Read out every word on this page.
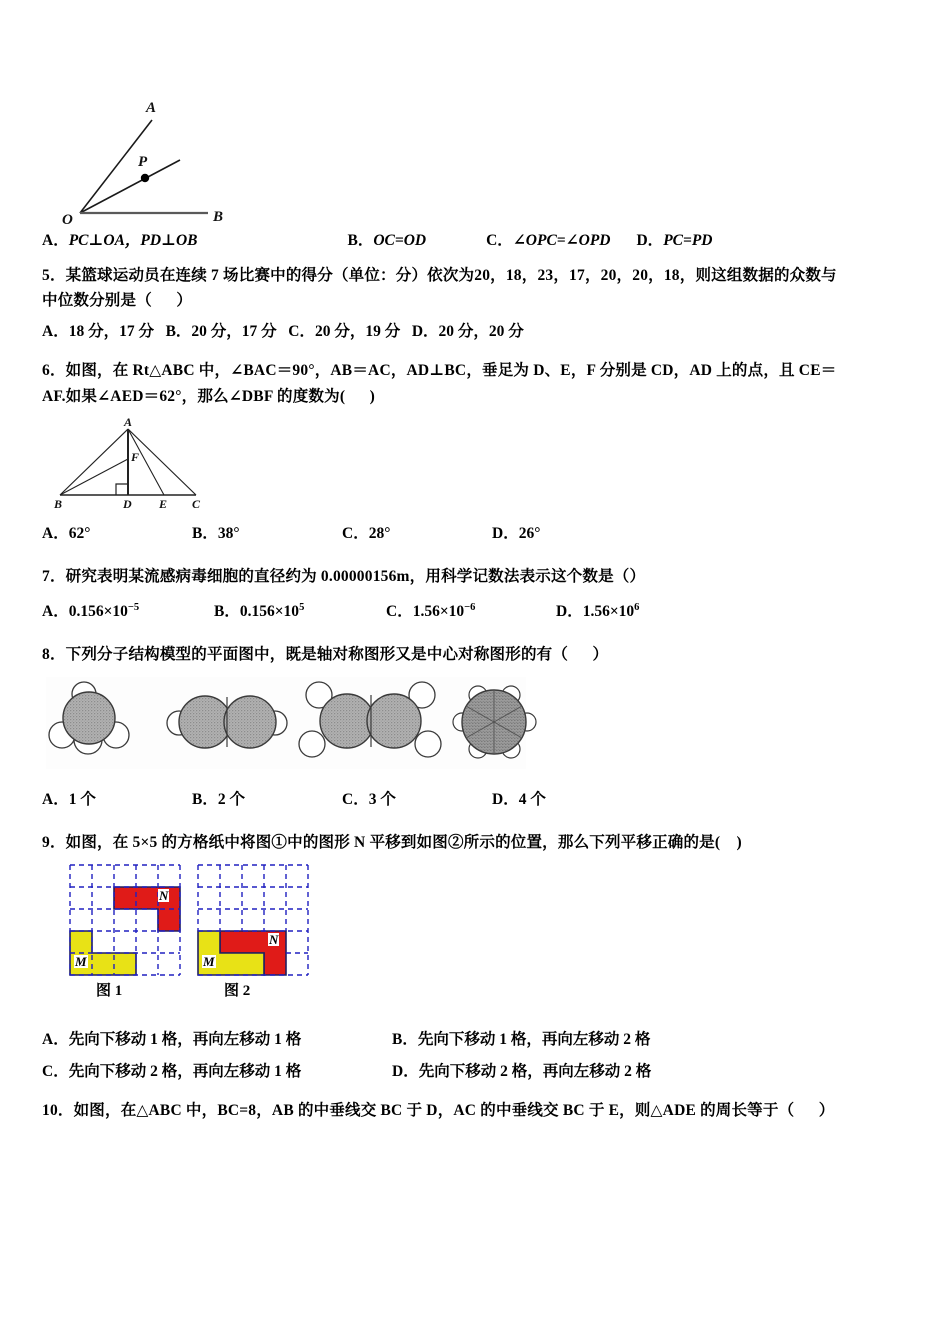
A
P
O	B
A．PC⊥OA，PD⊥OB	B．OC=OD	C．∠OPC=∠OPD D．PC=PD

5．某篮球运动员在连续 7 场比赛中的得分（单位：分）依次为20，18，23，17，20，20，18，则这组数据的众数与

中位数分别是（      ）

A．18 分，17 分   B．20 分，17 分   C．20 分，19 分   D．20 分，20 分

6．如图，在 Rt△ABC 中，∠BAC＝90°，AB＝AC，AD⊥BC，垂足为 D、E，F 分别是 CD，AD 上的点，且 CE＝

AF.如果∠AED＝62°，那么∠DBF 的度数为(      )

A
F
B	D E C
A．62°	B．38°	C．28°	D．26°

7．研究表明某流感病毒细胞的直径约为 0.00000156m，用科学记数法表示这个数是（）

A．$0.156\times 10^{-5}$	B．$0.156\times 10^5$	C．$1.56\times 10^{-6}$	D．$1.56\times 10^6$

8．下列分子结构模型的平面图中，既是轴对称图形又是中心对称图形的有（      ）

A．1 个	B．2 个	C．3 个	D．4 个

9．如图，在 5×5 的方格纸中将图①中的图形 N 平移到如图②所示的位置，那么下列平移正确的是(    )

N
M
图 1
N
M
图 2
A．先向下移动 1 格，再向左移动 1 格	B．先向下移动 1 格，再向左移动 2 格
C．先向下移动 2 格，再向左移动 1 格	D．先向下移动 2 格，再向左移动 2 格

10．如图，在△ABC 中，BC=8，AB 的中垂线交 BC 于 D，AC 的中垂线交 BC 于 E，则△ADE 的周长等于（      ）
